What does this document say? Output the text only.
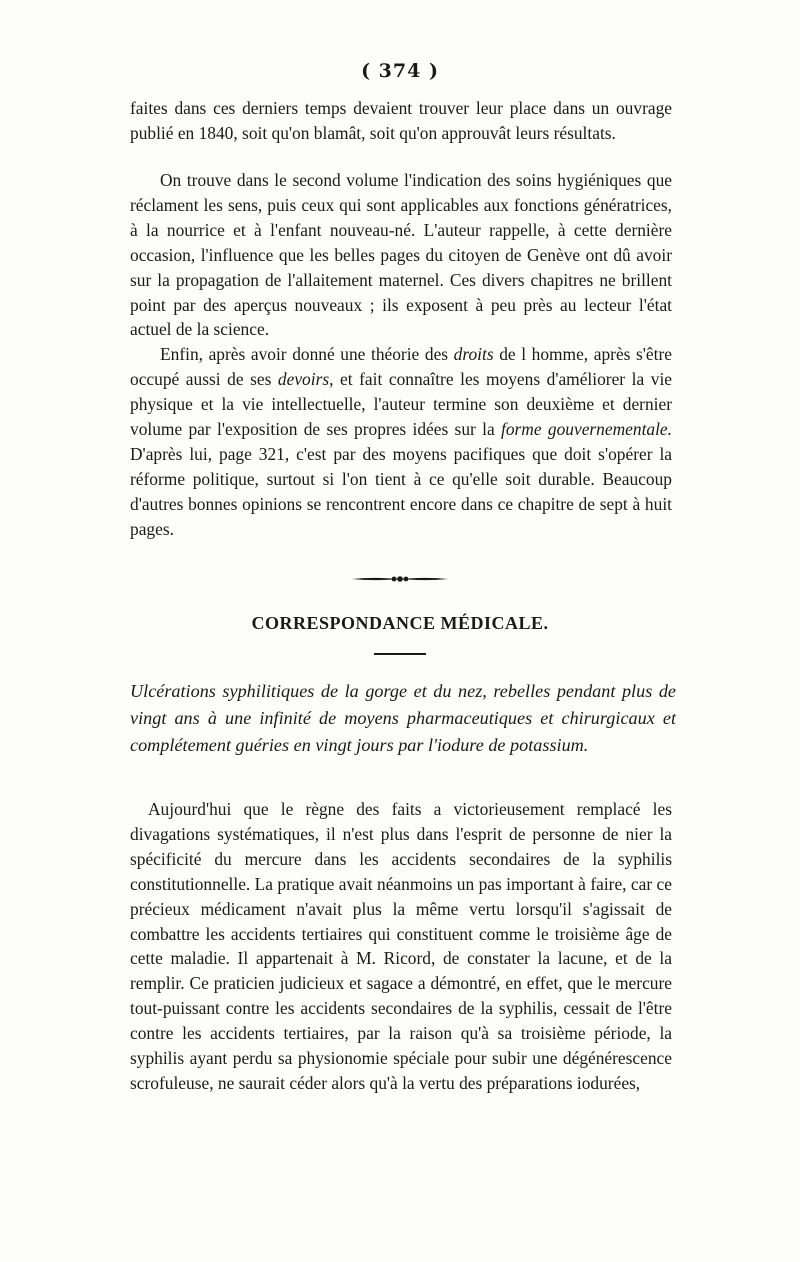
( 374 )

faites dans ces derniers temps devaient trouver leur place dans un ouvrage publié en 1840, soit qu'on blamât, soit qu'on approuvât leurs résultats.

On trouve dans le second volume l'indication des soins hygiéniques que réclament les sens, puis ceux qui sont applicables aux fonctions génératrices, à la nourrice et à l'enfant nouveau-né. L'auteur rappelle, à cette dernière occasion, l'influence que les belles pages du citoyen de Genève ont dû avoir sur la propagation de l'allaitement maternel. Ces divers chapitres ne brillent point par des aperçus nouveaux ; ils exposent à peu près au lecteur l'état actuel de la science.

Enfin, après avoir donné une théorie des droits de l homme, après s'être occupé aussi de ses devoirs, et fait connaître les moyens d'améliorer la vie physique et la vie intellectuelle, l'auteur termine son deuxième et dernier volume par l'exposition de ses propres idées sur la forme gouvernementale. D'après lui, page 321, c'est par des moyens pacifiques que doit s'opérer la réforme politique, surtout si l'on tient à ce qu'elle soit durable. Beaucoup d'autres bonnes opinions se rencontrent encore dans ce chapitre de sept à huit pages.

CORRESPONDANCE MÉDICALE.

Ulcérations syphilitiques de la gorge et du nez, rebelles pendant plus de vingt ans à une infinité de moyens pharmaceutiques et chirurgicaux et complétement guéries en vingt jours par l'iodure de potassium.

Aujourd'hui que le règne des faits a victorieusement remplacé les divagations systématiques, il n'est plus dans l'esprit de personne de nier la spécificité du mercure dans les accidents secondaires de la syphilis constitutionnelle. La pratique avait néanmoins un pas important à faire, car ce précieux médicament n'avait plus la même vertu lorsqu'il s'agissait de combattre les accidents tertiaires qui constituent comme le troisième âge de cette maladie. Il appartenait à M. Ricord, de constater la lacune, et de la remplir. Ce praticien judicieux et sagace a démontré, en effet, que le mercure tout-puissant contre les accidents secondaires de la syphilis, cessait de l'être contre les accidents tertiaires, par la raison qu'à sa troisième période, la syphilis ayant perdu sa physionomie spéciale pour subir une dégénérescence scrofuleuse, ne saurait céder alors qu'à la vertu des préparations iodurées,
